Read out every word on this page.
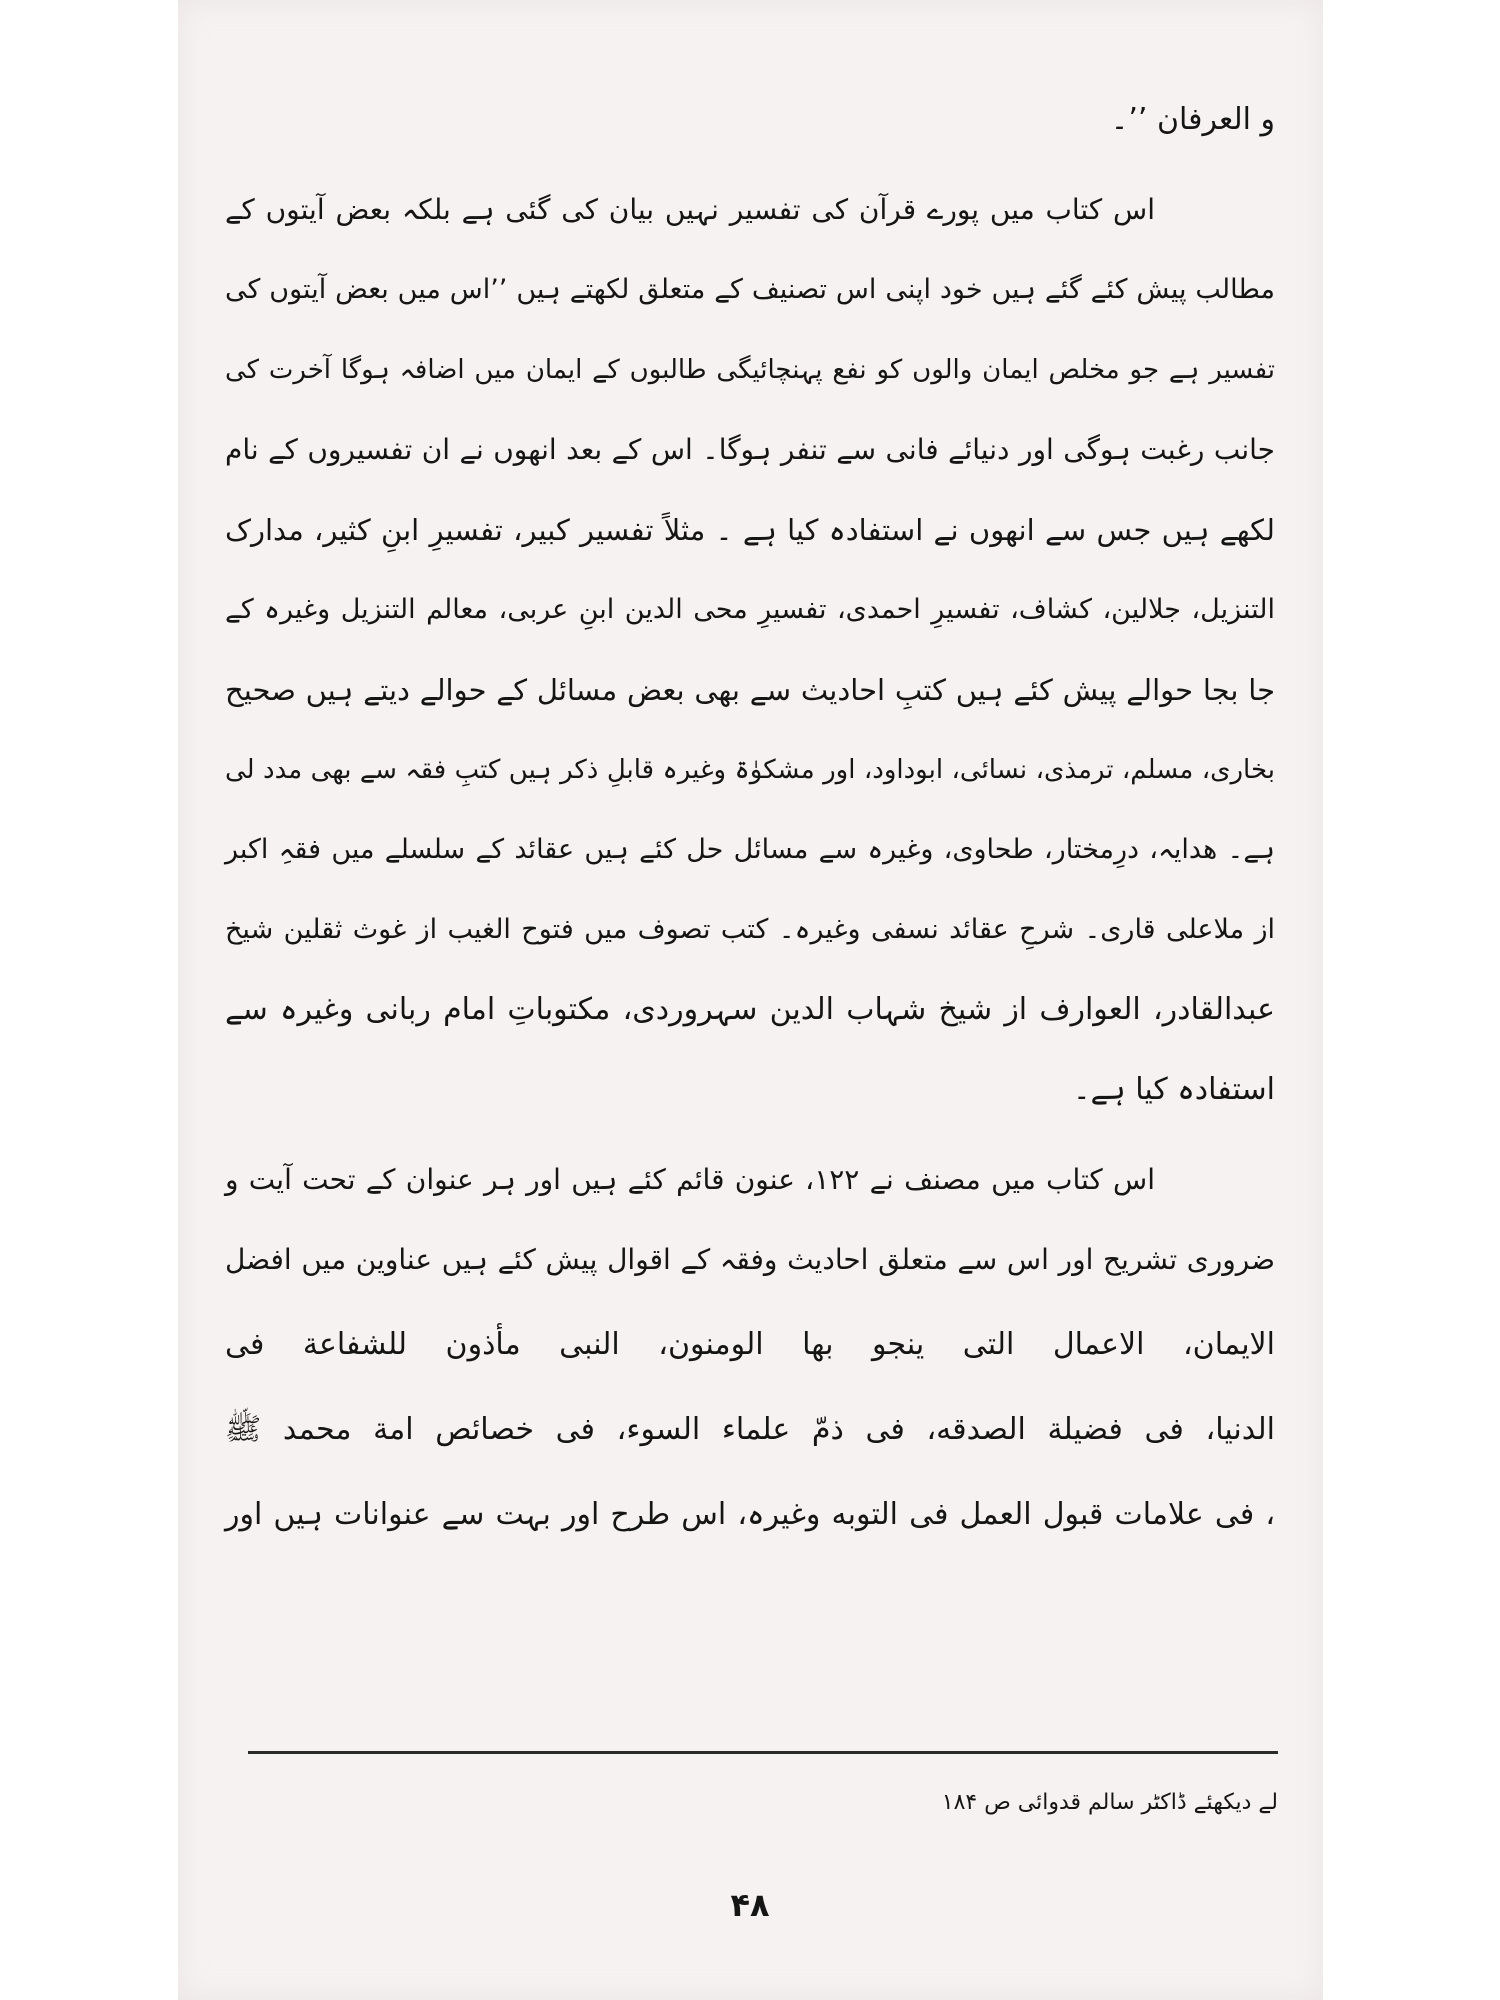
و العرفان ’’۔
اس کتاب میں پورے قرآن کی تفسیر نہیں بیان کی گئی ہے بلکہ بعض آیتوں کے
مطالب پیش کئے گئے ہیں خود اپنی اس تصنیف کے متعلق لکھتے ہیں ’’اس میں بعض آیتوں کی
تفسیر ہے جو مخلص ایمان والوں کو نفع پہنچائیگی طالبوں کے ایمان میں اضافہ ہوگا آخرت کی
جانب رغبت ہوگی اور دنیائے فانی سے تنفر ہوگا۔ اس کے بعد انھوں نے ان تفسیروں کے نام
لکھے ہیں جس سے انھوں نے استفادہ کیا ہے ۔ مثلاً تفسیر کبیر، تفسیرِ ابنِ کثیر، مدارک
التنزیل، جلالین، کشاف، تفسیرِ احمدی، تفسیرِ محی الدین ابنِ عربی، معالم التنزیل وغیرہ کے
جا بجا حوالے پیش کئے ہیں کتبِ احادیث سے بھی بعض مسائل کے حوالے دیتے ہیں صحیح
بخاری، مسلم، ترمذی، نسائی، ابوداود، اور مشکوٰۃ وغیرہ قابلِ ذکر ہیں کتبِ فقہ سے بھی مدد لی
ہے۔ ھدایہ، درِمختار، طحاوی، وغیرہ سے مسائل حل کئے ہیں عقائد کے سلسلے میں فقہِ اکبر
از ملاعلی قاری۔ شرحِ عقائد نسفی وغیرہ۔ کتب تصوف میں فتوح الغیب از غوث ثقلین شیخ
عبدالقادر، العوارف از شیخ شہاب الدین سہروردی، مکتوباتِ امام ربانی وغیرہ سے
استفادہ کیا ہے۔
اس کتاب میں مصنف نے ۱۲۲، عنون قائم کئے ہیں اور ہر عنوان کے تحت آیت و
ضروری تشریح اور اس سے متعلق احادیث وفقہ کے اقوال پیش کئے ہیں عناوین میں افضل
الایمان، الاعمال التی ینجو بھا الومنون، النبی مأذون للشفاعة فی
الدنیا، فی فضیلة الصدقه، فی ذمّ علماء السوء، فی خصائص امة محمد ﷺ
، فی علامات قبول العمل فی التوبه وغیرہ، اس طرح اور بہت سے عنوانات ہیں اور
لے دیکھئے ڈاکٹر سالم قدوائی ص ۱۸۴
۴۸
